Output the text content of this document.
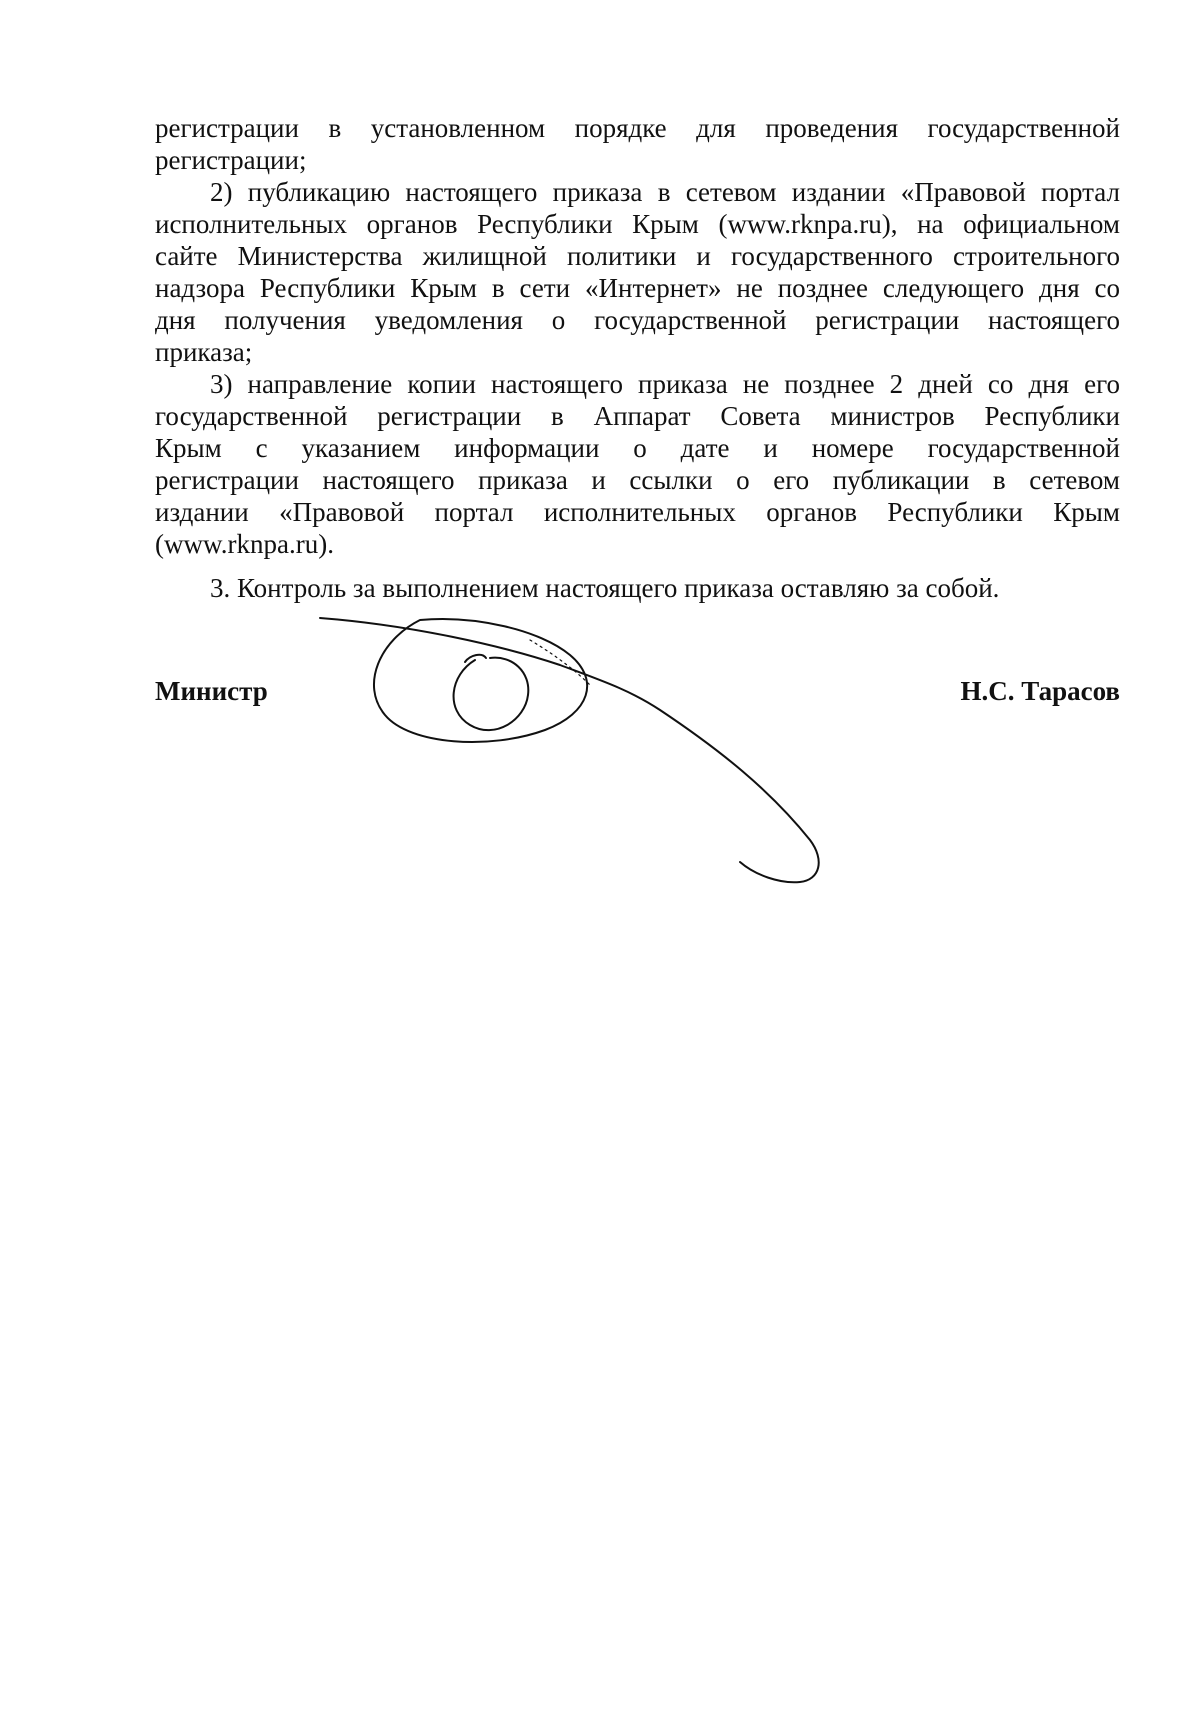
регистрации в установленном порядке для проведения государственной
регистрации;
2) публикацию настоящего приказа в сетевом издании «Правовой портал
исполнительных органов Республики Крым (www.rknpa.ru), на официальном
сайте Министерства жилищной политики и государственного строительного
надзора Республики Крым в сети «Интернет» не позднее следующего дня со
дня получения уведомления о государственной регистрации настоящего
приказа;
3) направление копии настоящего приказа не позднее 2 дней со дня его
государственной регистрации в Аппарат Совета министров Республики
Крым с указанием информации о дате и номере государственной
регистрации настоящего приказа и ссылки о его публикации в сетевом
издании «Правовой портал исполнительных органов Республики Крым
(www.rknpa.ru).
3. Контроль за выполнением настоящего приказа оставляю за собой.
Министр	Н.С. Тарасов
